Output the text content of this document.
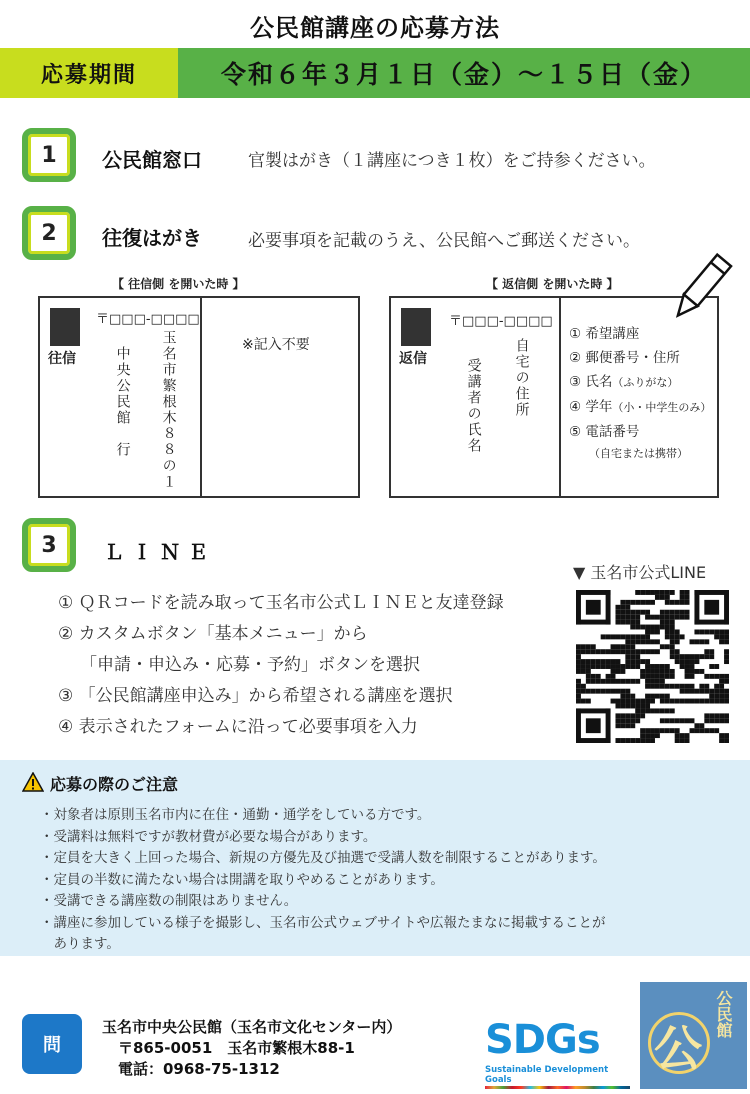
公民館講座の応募方法
応募期間	令和６年３月１日（金）～１５日（金）
1	公民館窓口	官製はがき（１講座につき１枚）をご持参ください。
2	往復はがき	必要事項を記載のうえ、公民館へご郵送ください。
【 往信側 を開いた時 】
往信
〒□□□-□□□□
玉名市繁根木８８の１
中央公民館　行
※記入不要
【 返信側 を開いた時 】
返信
〒□□□-□□□□
自宅の住所
受講者の氏名
① 希望講座
② 郵便番号・住所
③ 氏名（ふりがな）
④ 学年（小・中学生のみ）
⑤ 電話番号
（自宅または携帯）
3	ＬＩＮＥ
① ＱＲコードを読み取って玉名市公式ＬＩＮＥと友達登録
② カスタムボタン「基本メニュー」から
「申請・申込み・応募・予約」ボタンを選択
③ 「公民館講座申込み」から希望される講座を選択
④ 表示されたフォームに沿って必要事項を入力
▼ 玉名市公式LINE
応募の際のご注意
・対象者は原則玉名市内に在住・通勤・通学をしている方です。
・受講料は無料ですが教材費が必要な場合があります。
・定員を大きく上回った場合、新規の方優先及び抽選で受講人数を制限することがあります。
・定員の半数に満たない場合は開講を取りやめることがあります。
・受講できる講座数の制限はありません。
・講座に参加している様子を撮影し、玉名市公式ウェブサイトや広報たまなに掲載することが
　あります。
問
玉名市中央公民館（玉名市文化センター内）
〒865-0051　玉名市繁根木88-1
電話：0968-75-1312
SDGs
Sustainable Development Goals
公
公民館
